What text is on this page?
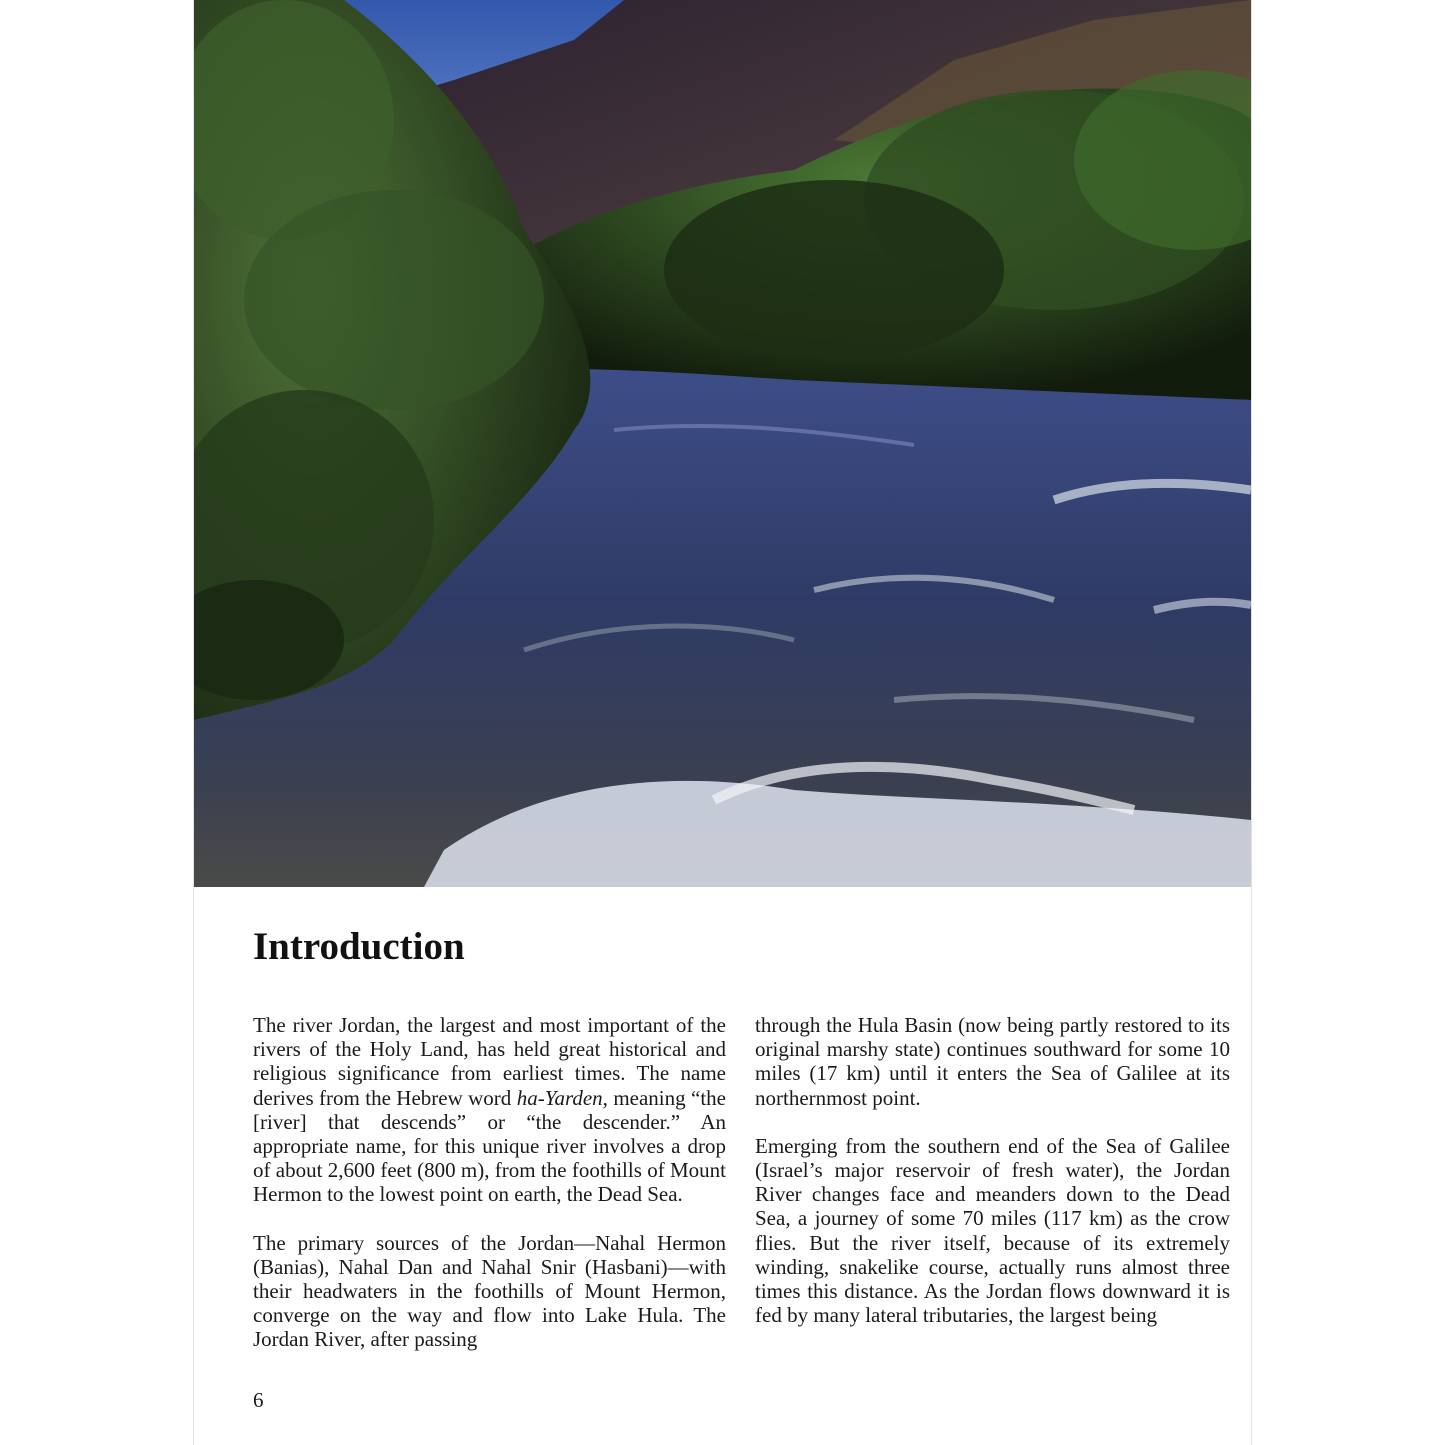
Introduction

The river Jordan, the largest and most important of the rivers of the Holy Land, has held great historical and religious significance from earliest times. The name derives from the Hebrew word ha-Yarden, meaning “the [river] that descends” or “the descender.” An appropriate name, for this unique river involves a drop of about 2,600 feet (800 m), from the foothills of Mount Hermon to the lowest point on earth, the Dead Sea.

The primary sources of the Jordan—Nahal Hermon (Banias), Nahal Dan and Nahal Snir (Hasbani)—with their headwaters in the foothills of Mount Hermon, converge on the way and flow into Lake Hula. The Jordan River, after passing

through the Hula Basin (now being partly restored to its original marshy state) continues southward for some 10 miles (17 km) until it enters the Sea of Galilee at its northernmost point.

Emerging from the southern end of the Sea of Galilee (Israel’s major reservoir of fresh water), the Jordan River changes face and meanders down to the Dead Sea, a journey of some 70 miles (117 km) as the crow flies. But the river itself, because of its extremely winding, snakelike course, actually runs almost three times this distance. As the Jordan flows downward it is fed by many lateral tributaries, the largest being

6
